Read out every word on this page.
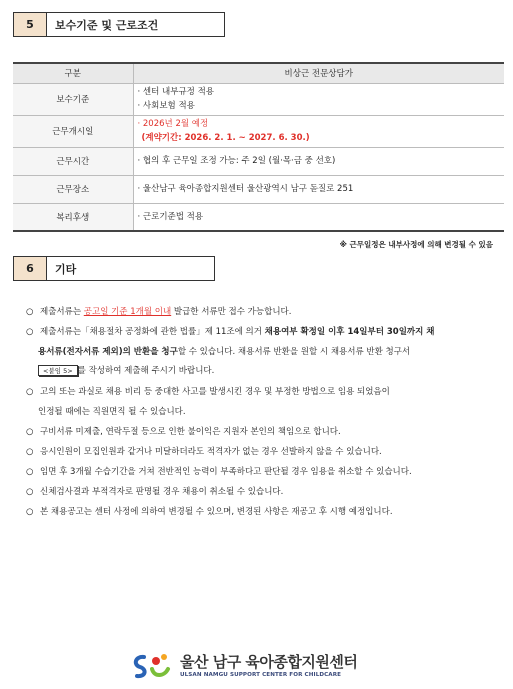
5	보수기준 및 근로조건
구분	비상근 전문상담가
보수기준	· 센터 내부규정 적용
· 사회보험 적용

근무개시일	· 2026년 2월 예정
(계약기간: 2026. 2. 1. ~ 2027. 6. 30.)

근무시간	· 협의 후 근무일 조정 가능: 주 2일 (월·목·금 중 선호)

근무장소	· 울산남구 육아종합지원센터 울산광역시 남구 돋질로 251

복리후생	· 근로기준법 적용
※ 근무일정은 내부사정에 의해 변경될 수 있음
6	기타
○ 제출서류는 공고일 기준 1개월 이내 발급한 서류만 접수 가능합니다.
○ 제출서류는「채용절차 공정화에 관한 법률」제 11조에 의거 채용여부 확정일 이후 14일부터 30일까지 채
용서류(전자서류 제외)의 반환을 청구할 수 있습니다. 채용서류 반환을 원할 시 채용서류 반환 청구서
<붙임 5> 를 작성하여 제출해 주시기 바랍니다.
○ 고의 또는 과실로 채용 비리 등 중대한 사고를 발생시킨 경우 및 부정한 방법으로 임용 되었음이
인정될 때에는 직원면직 될 수 있습니다.
○ 구비서류 미제출, 연락두절 등으로 인한 불이익은 지원자 본인의 책임으로 합니다.
○ 응시인원이 모집인원과 같거나 미달하더라도 적격자가 없는 경우 선발하지 않을 수 있습니다.
○ 임면 후 3개월 수습기간을 거쳐 전반적인 능력이 부족하다고 판단될 경우 임용을 취소할 수 있습니다.
○ 신체검사결과 부적격자로 판명될 경우 채용이 취소될 수 있습니다.
○ 본 채용공고는 센터 사정에 의하여 변경될 수 있으며, 변경된 사항은 재공고 후 시행 예정입니다.
울산 남구 육아종합지원센터
ULSAN NAMGU SUPPORT CENTER FOR CHILDCARE
